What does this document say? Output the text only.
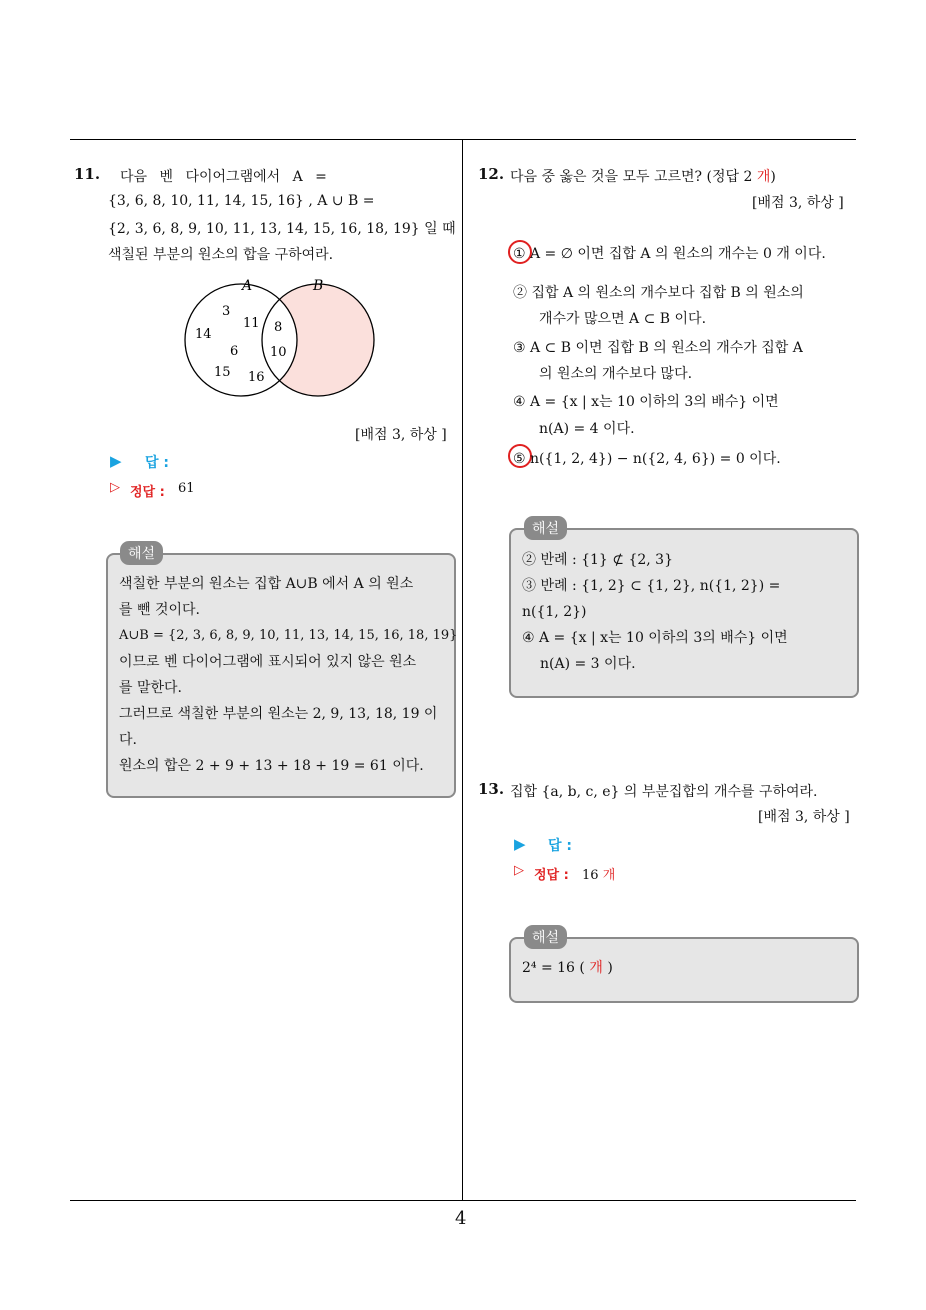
11. 다음 벤 다이어그램에서 A =
{3, 6, 8, 10, 11, 14, 15, 16} , A ∪ B =
{2, 3, 6, 8, 9, 10, 11, 13, 14, 15, 16, 18, 19} 일 때
색칠된 부분의 원소의 합을 구하여라.
A	B
3
11
14
6
15 16
8
10
[배점 3, 하상 ]
▶ 답 :
▷ 정답 : 61
해설
색칠한 부분의 원소는 집합 A∪B 에서 A 의 원소
를 뺀 것이다.
A∪B = {2, 3, 6, 8, 9, 10, 11, 13, 14, 15, 16, 18, 19}
이므로 벤 다이어그램에 표시되어 있지 않은 원소
를 말한다.
그러므로 색칠한 부분의 원소는 2, 9, 13, 18, 19 이
다.
원소의 합은 2 + 9 + 13 + 18 + 19 = 61 이다.
12. 다음 중 옳은 것을 모두 고르면? (정답 2 개)
[배점 3, 하상 ]
① A = ∅ 이면 집합 A 의 원소의 개수는 0 개 이다.
② 집합 A 의 원소의 개수보다 집합 B 의 원소의
개수가 많으면 A ⊂ B 이다.
③ A ⊂ B 이면 집합 B 의 원소의 개수가 집합 A
의 원소의 개수보다 많다.
④ A = {x | x는 10 이하의 3의 배수} 이면
n(A) = 4 이다.
⑤ n({1, 2, 4}) − n({2, 4, 6}) = 0 이다.
해설
② 반례 : {1} ⊄ {2, 3}
③ 반례 : {1, 2} ⊂ {1, 2}, n({1, 2}) =
n({1, 2})
④ A = {x | x는 10 이하의 3의 배수} 이면
n(A) = 3 이다.
13. 집합 {a, b, c, e} 의 부분집합의 개수를 구하여라.
[배점 3, 하상 ]
▶ 답 :
▷ 정답 : 16 개
해설
2⁴ = 16 ( 개 )
4
